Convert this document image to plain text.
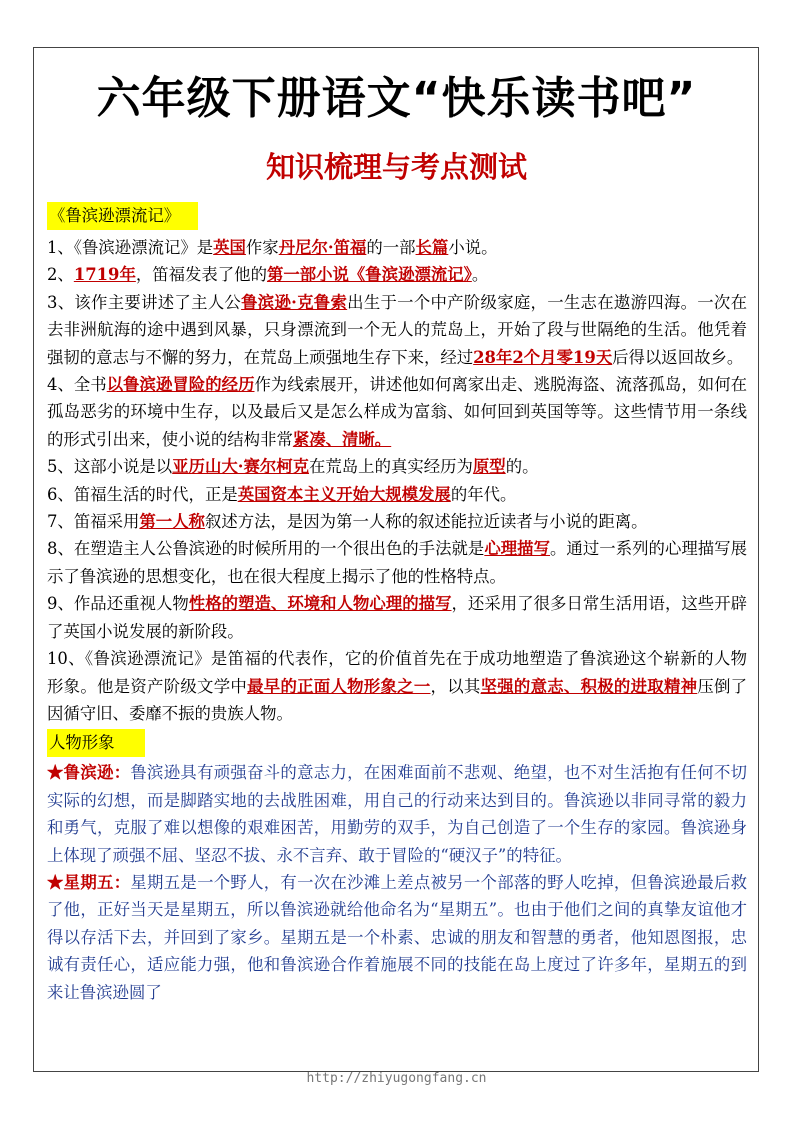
六年级下册语文“快乐读书吧”
知识梳理与考点测试
《鲁滨逊漂流记》

1、《鲁滨逊漂流记》是英国作家丹尼尔·笛福的一部长篇小说。

2、1719年，笛福发表了他的第一部小说《鲁滨逊漂流记》。

3、该作主要讲述了主人公鲁滨逊·克鲁索出生于一个中产阶级家庭，一生志在遨游四海。一次在去非洲航海的途中遇到风暴，只身漂流到一个无人的荒岛上，开始了段与世隔绝的生活。他凭着强韧的意志与不懈的努力，在荒岛上顽强地生存下来，经过28年2个月零19天后得以返回故乡。

4、全书以鲁滨逊冒险的经历作为线索展开，讲述他如何离家出走、逃脱海盗、流落孤岛，如何在孤岛恶劣的环境中生存，以及最后又是怎么样成为富翁、如何回到英国等等。这些情节用一条线的形式引出来，使小说的结构非常紧凑、清晰。

5、这部小说是以亚历山大·赛尔柯克在荒岛上的真实经历为原型的。

6、笛福生活的时代，正是英国资本主义开始大规模发展的年代。

7、笛福采用第一人称叙述方法，是因为第一人称的叙述能拉近读者与小说的距离。

8、在塑造主人公鲁滨逊的时候所用的一个很出色的手法就是心理描写。通过一系列的心理描写展示了鲁滨逊的思想变化，也在很大程度上揭示了他的性格特点。

9、作品还重视人物性格的塑造、环境和人物心理的描写，还采用了很多日常生活用语，这些开辟了英国小说发展的新阶段。

10、《鲁滨逊漂流记》是笛福的代表作，它的价值首先在于成功地塑造了鲁滨逊这个崭新的人物形象。他是资产阶级文学中最早的正面人物形象之一，以其坚强的意志、积极的进取精神压倒了因循守旧、委靡不振的贵族人物。

人物形象

★鲁滨逊：鲁滨逊具有顽强奋斗的意志力，在困难面前不悲观、绝望，也不对生活抱有任何不切实际的幻想，而是脚踏实地的去战胜困难，用自己的行动来达到目的。鲁滨逊以非同寻常的毅力和勇气，克服了难以想像的艰难困苦，用勤劳的双手，为自己创造了一个生存的家园。鲁滨逊身上体现了顽强不屈、坚忍不拔、永不言弃、敢于冒险的“硬汉子”的特征。

★星期五：星期五是一个野人，有一次在沙滩上差点被另一个部落的野人吃掉，但鲁滨逊最后救了他，正好当天是星期五，所以鲁滨逊就给他命名为“星期五”。也由于他们之间的真挚友谊他才得以存活下去，并回到了家乡。星期五是一个朴素、忠诚的朋友和智慧的勇者，他知恩图报，忠诚有责任心，适应能力强，他和鲁滨逊合作着施展不同的技能在岛上度过了许多年，星期五的到来让鲁滨逊圆了

http://zhiyugongfang.cn
